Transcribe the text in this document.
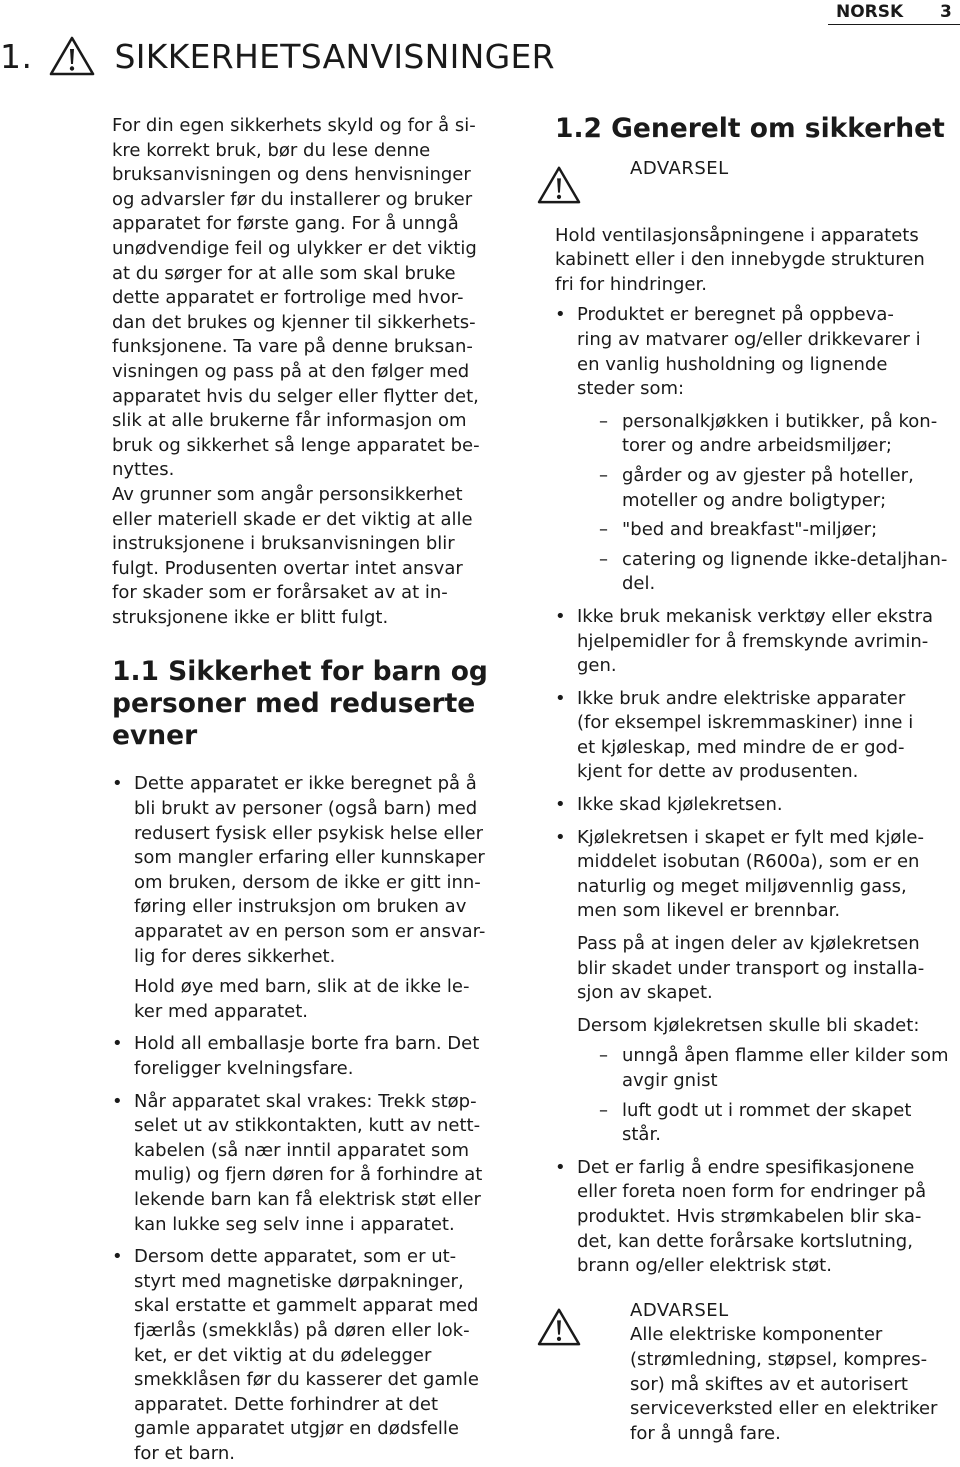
NORSK 3
1. SIKKERHETSANVISNINGER

For din egen sikkerhets skyld og for å si-
kre korrekt bruk, bør du lese denne
bruksanvisningen og dens henvisninger
og advarsler før du installerer og bruker
apparatet for første gang. For å unngå
unødvendige feil og ulykker er det viktig
at du sørger for at alle som skal bruke
dette apparatet er fortrolige med hvor-
dan det brukes og kjenner til sikkerhets-
funksjonene. Ta vare på denne bruksan-
visningen og pass på at den følger med
apparatet hvis du selger eller flytter det,
slik at alle brukerne får informasjon om
bruk og sikkerhet så lenge apparatet be-
nyttes.

Av grunner som angår personsikkerhet
eller materiell skade er det viktig at alle
instruksjonene i bruksanvisningen blir
fulgt. Produsenten overtar intet ansvar
for skader som er forårsaket av at in-
struksjonene ikke er blitt fulgt.

1.1 Sikkerhet for barn og
personer med reduserte evner

• Dette apparatet er ikke beregnet på å
bli brukt av personer (også barn) med
redusert fysisk eller psykisk helse eller
som mangler erfaring eller kunnskaper
om bruken, dersom de ikke er gitt inn-
føring eller instruksjon om bruken av
apparatet av en person som er ansvar-
lig for deres sikkerhet.

Hold øye med barn, slik at de ikke le-
ker med apparatet.

• Hold all emballasje borte fra barn. Det
foreligger kvelningsfare.

• Når apparatet skal vrakes: Trekk støp-
selet ut av stikkontakten, kutt av nett-
kabelen (så nær inntil apparatet som
mulig) og fjern døren for å forhindre at
lekende barn kan få elektrisk støt eller
kan lukke seg selv inne i apparatet.

• Dersom dette apparatet, som er ut-
styrt med magnetiske dørpakninger,
skal erstatte et gammelt apparat med
fjærlås (smekklås) på døren eller lok-
ket, er det viktig at du ødelegger
smekklåsen før du kasserer det gamle
apparatet. Dette forhindrer at det
gamle apparatet utgjør en dødsfelle
for et barn.

1.2 Generelt om sikkerhet
ADVARSEL

Hold ventilasjonsåpningene i apparatets
kabinett eller i den innebygde strukturen
fri for hindringer.

• Produktet er beregnet på oppbeva-
ring av matvarer og/eller drikkevarer i
en vanlig husholdning og lignende
steder som:

– personalkjøkken i butikker, på kon-
torer og andre arbeidsmiljøer;

– gårder og av gjester på hoteller,
moteller og andre boligtyper;

– "bed and breakfast"-miljøer;

– catering og lignende ikke-detaljhan-
del.

• Ikke bruk mekanisk verktøy eller ekstra
hjelpemidler for å fremskynde avrimin-
gen.

• Ikke bruk andre elektriske apparater
(for eksempel iskremmaskiner) inne i
et kjøleskap, med mindre de er god-
kjent for dette av produsenten.

• Ikke skad kjølekretsen.

• Kjølekretsen i skapet er fylt med kjøle-
middelet isobutan (R600a), som er en
naturlig og meget miljøvennlig gass,
men som likevel er brennbar.

Pass på at ingen deler av kjølekretsen
blir skadet under transport og installa-
sjon av skapet.

Dersom kjølekretsen skulle bli skadet:

– unngå åpen flamme eller kilder som
avgir gnist

– luft godt ut i rommet der skapet
står.

• Det er farlig å endre spesifikasjonene
eller foreta noen form for endringer på
produktet. Hvis strømkabelen blir ska-
det, kan dette forårsake kortslutning,
brann og/eller elektrisk støt.

ADVARSEL

Alle elektriske komponenter
(strømledning, støpsel, kompres-
sor) må skiftes av et autorisert
serviceverksted eller en elektriker
for å unngå fare.
